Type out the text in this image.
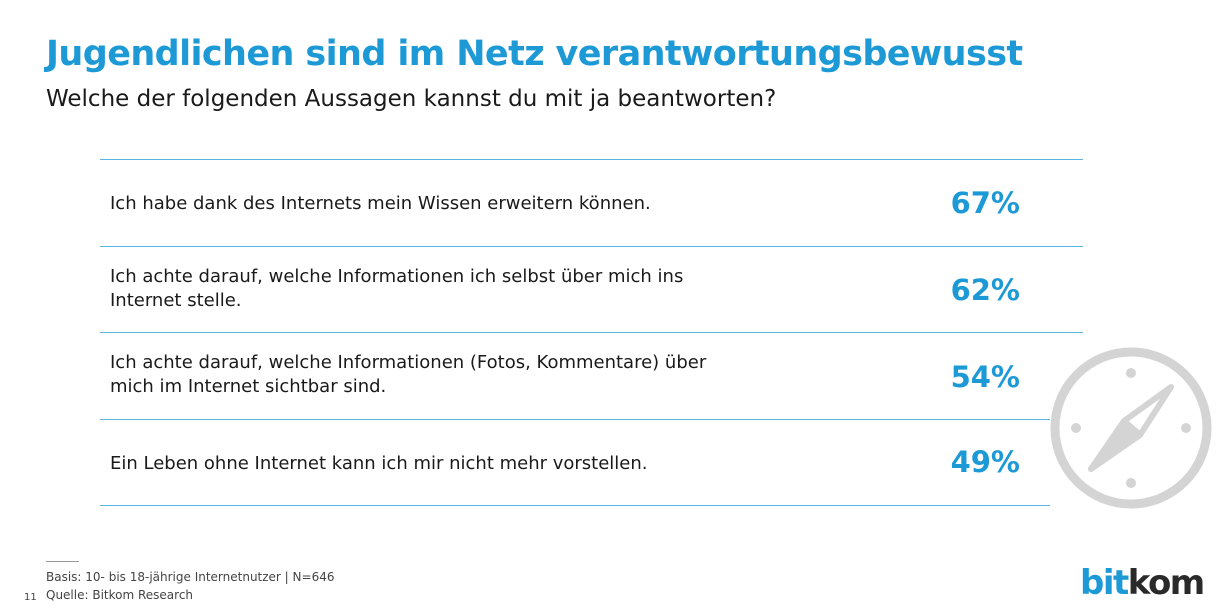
Jugendlichen sind im Netz verantwortungsbewusst
Welche der folgenden Aussagen kannst du mit ja beantworten?
Ich habe dank des Internets mein Wissen erweitern können.	67%
Ich achte darauf, welche Informationen ich selbst über mich ins Internet stelle.	62%
Ich achte darauf, welche Informationen (Fotos, Kommentare) über mich im Internet sichtbar sind.	54%
Ein Leben ohne Internet kann ich mir nicht mehr vorstellen.	49%
Basis: 10- bis 18-jährige Internetnutzer | N=646
Quelle: Bitkom Research
11	bitkom
